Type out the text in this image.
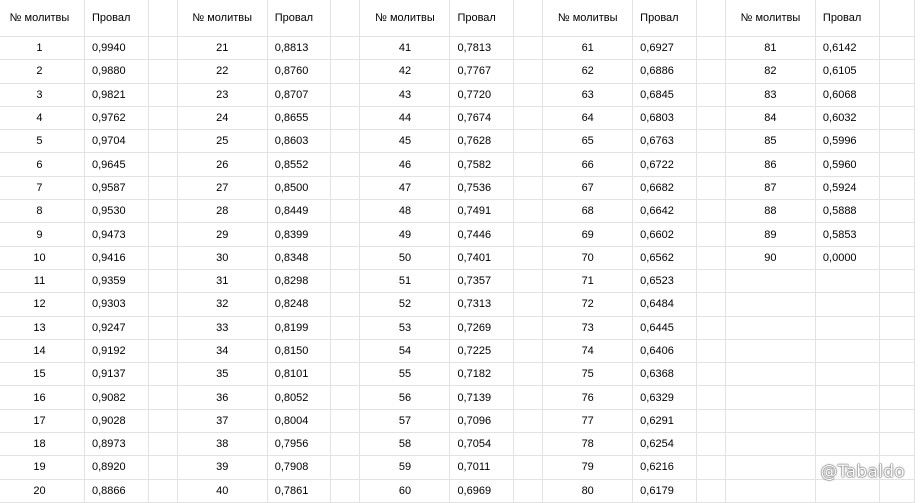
№ молитвы	Провал		№ молитвы	Провал		№ молитвы	Провал		№ молитвы	Провал		№ молитвы	Провал	
1	0,9940		21	0,8813		41	0,7813		61	0,6927		81	0,6142	
2	0,9880		22	0,8760		42	0,7767		62	0,6886		82	0,6105	
3	0,9821		23	0,8707		43	0,7720		63	0,6845		83	0,6068	
4	0,9762		24	0,8655		44	0,7674		64	0,6803		84	0,6032	
5	0,9704		25	0,8603		45	0,7628		65	0,6763		85	0,5996	
6	0,9645		26	0,8552		46	0,7582		66	0,6722		86	0,5960	
7	0,9587		27	0,8500		47	0,7536		67	0,6682		87	0,5924	
8	0,9530		28	0,8449		48	0,7491		68	0,6642		88	0,5888	
9	0,9473		29	0,8399		49	0,7446		69	0,6602		89	0,5853	
10	0,9416		30	0,8348		50	0,7401		70	0,6562		90	0,0000	
11	0,9359		31	0,8298		51	0,7357		71	0,6523				
12	0,9303		32	0,8248		52	0,7313		72	0,6484				
13	0,9247		33	0,8199		53	0,7269		73	0,6445				
14	0,9192		34	0,8150		54	0,7225		74	0,6406				
15	0,9137		35	0,8101		55	0,7182		75	0,6368				
16	0,9082		36	0,8052		56	0,7139		76	0,6329				
17	0,9028		37	0,8004		57	0,7096		77	0,6291				
18	0,8973		38	0,7956		58	0,7054		78	0,6254				
19	0,8920		39	0,7908		59	0,7011		79	0,6216				
20	0,8866		40	0,7861		60	0,6969		80	0,6179				
@Tabaldo
